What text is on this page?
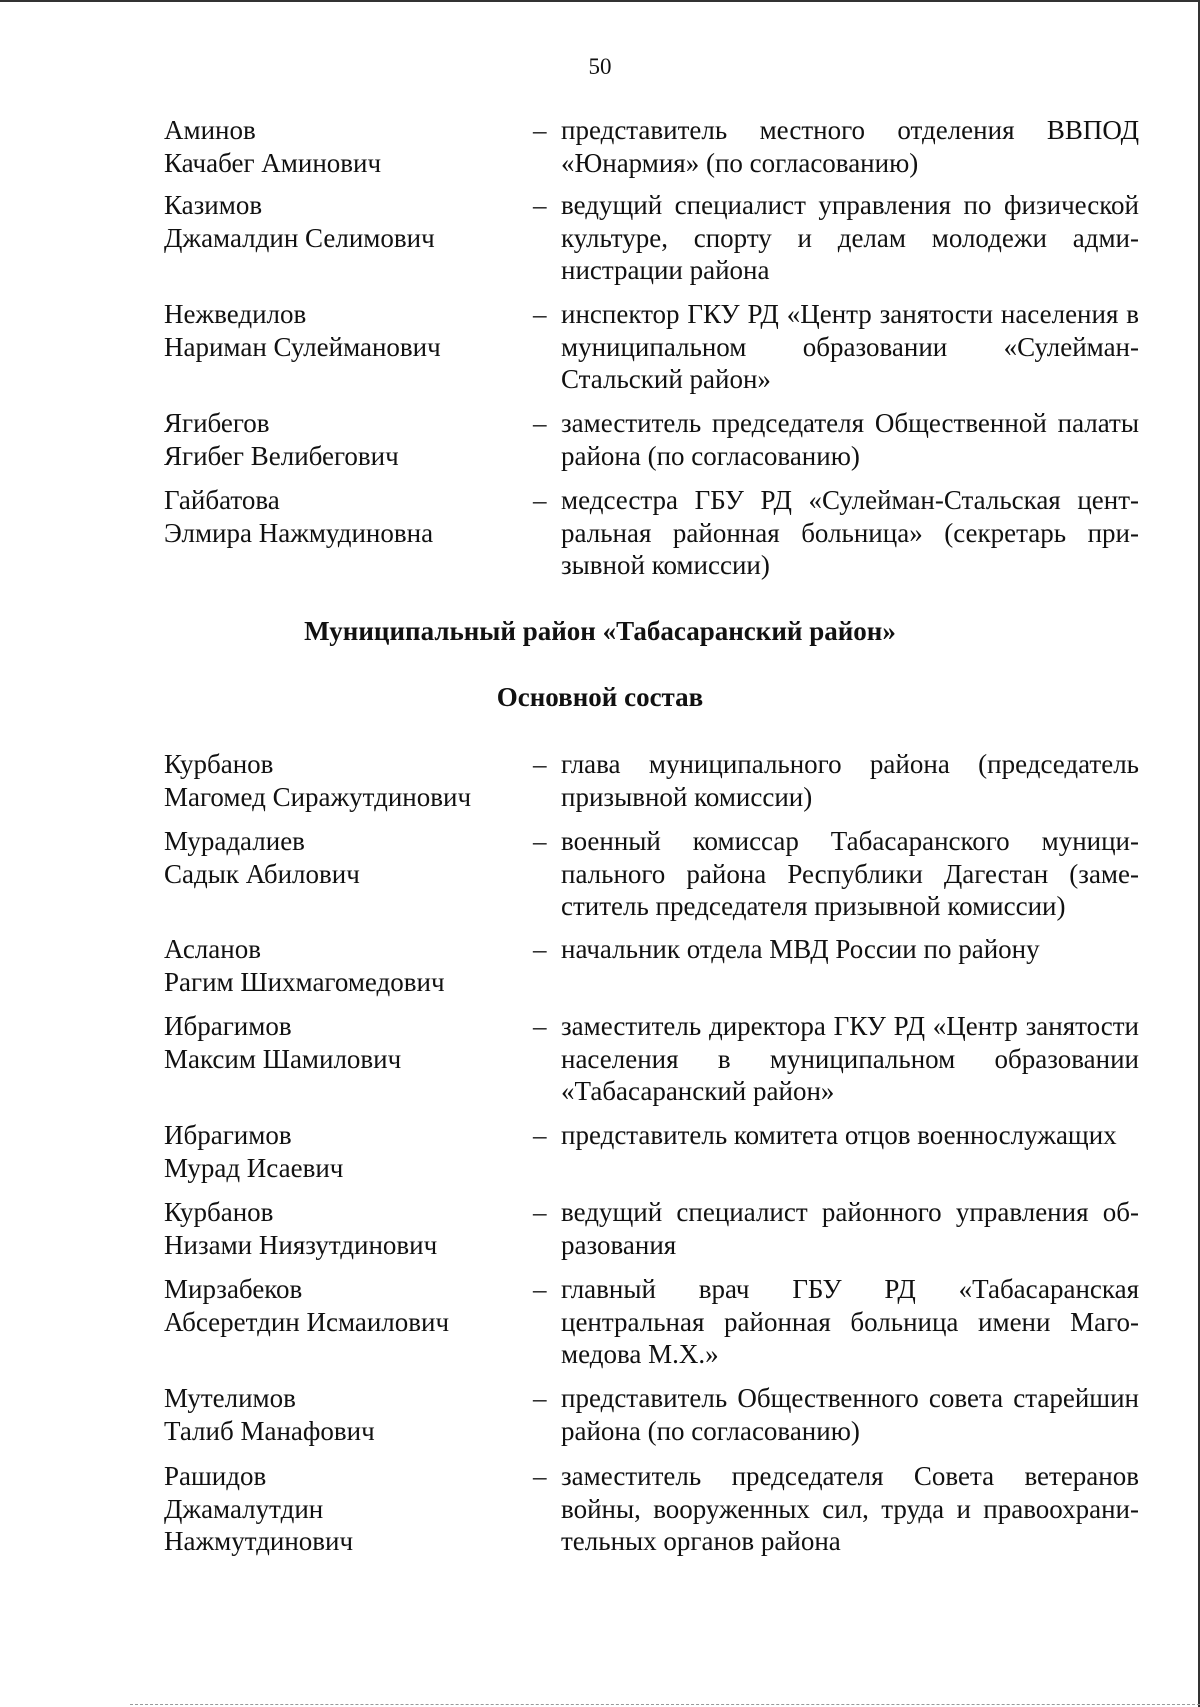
50
Аминов
Качабег Аминович
– представитель местного отделения ВВПОД «Юнармия» (по согласованию)
Казимов
Джамалдин Селимович
– ведущий специалист управления по физической культуре, спорту и делам молодежи администрации района
Нежведилов
Нариман Сулейманович
– инспектор ГКУ РД «Центр занятости населения в муниципальном образовании «Сулейман-Стальский район»
Ягибегов
Ягибег Велибегович
– заместитель председателя Общественной палаты района (по согласованию)
Гайбатова
Элмира Нажмудиновна
– медсестра ГБУ РД «Сулейман-Стальская центральная районная больница» (секретарь призывной комиссии)
Муниципальный район «Табасаранский район»
Основной состав
Курбанов
Магомед Сиражутдинович
– глава муниципального района (председатель призывной комиссии)
Мурадалиев
Садык Абилович
– военный комиссар Табасаранского муниципального района Республики Дагестан (заместитель председателя призывной комиссии)
Асланов
Рагим Шихмагомедович
– начальник отдела МВД России по району
Ибрагимов
Максим Шамилович
– заместитель директора ГКУ РД «Центр занятости населения в муниципальном образовании «Табасаранский район»
Ибрагимов
Мурад Исаевич
– представитель комитета отцов военнослужащих
Курбанов
Низами Ниязутдинович
– ведущий специалист районного управления образования
Мирзабеков
Абсеретдин Исмаилович
– главный врач ГБУ РД «Табасаранская центральная районная больница имени Магомедова М.Х.»
Мутелимов
Талиб Манафович
– представитель Общественного совета старейшин района (по согласованию)
Рашидов
Джамалутдин
Нажмутдинович
– заместитель председателя Совета ветеранов войны, вооруженных сил, труда и правоохранительных органов района
